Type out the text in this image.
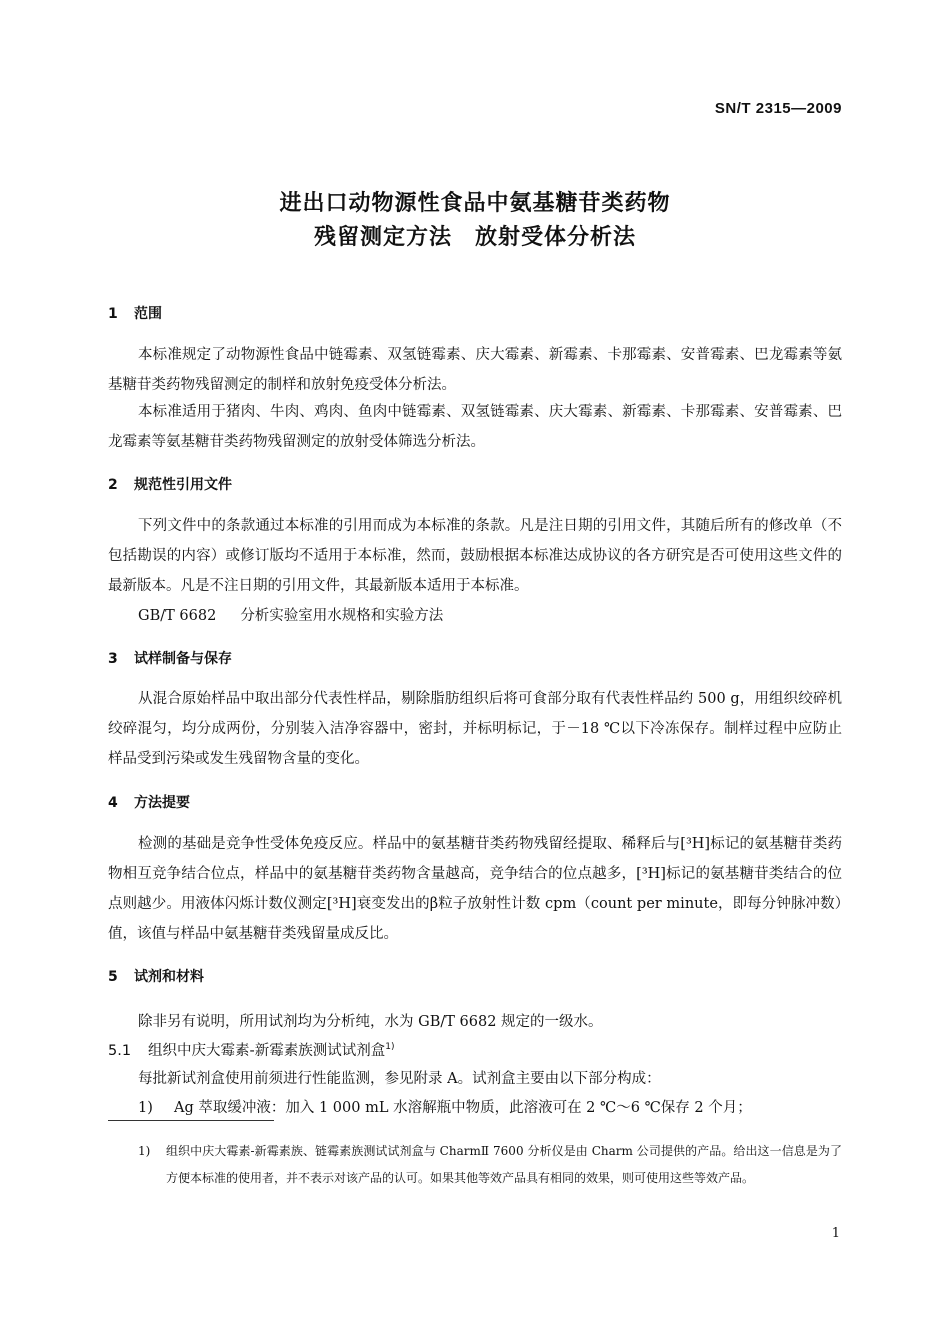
SN/T 2315—2009
进出口动物源性食品中氨基糖苷类药物
残留测定方法　放射受体分析法
1 范围
本标准规定了动物源性食品中链霉素、双氢链霉素、庆大霉素、新霉素、卡那霉素、安普霉素、巴龙霉素等氨基糖苷类药物残留测定的制样和放射免疫受体分析法。
本标准适用于猪肉、牛肉、鸡肉、鱼肉中链霉素、双氢链霉素、庆大霉素、新霉素、卡那霉素、安普霉素、巴龙霉素等氨基糖苷类药物残留测定的放射受体筛选分析法。
2 规范性引用文件
下列文件中的条款通过本标准的引用而成为本标准的条款。凡是注日期的引用文件，其随后所有的修改单（不包括勘误的内容）或修订版均不适用于本标准，然而，鼓励根据本标准达成协议的各方研究是否可使用这些文件的最新版本。凡是不注日期的引用文件，其最新版本适用于本标准。
GB/T 6682 分析实验室用水规格和实验方法
3 试样制备与保存
从混合原始样品中取出部分代表性样品，剔除脂肪组织后将可食部分取有代表性样品约 500 g，用组织绞碎机绞碎混匀，均分成两份，分别装入洁净容器中，密封，并标明标记，于－18 ℃以下冷冻保存。制样过程中应防止样品受到污染或发生残留物含量的变化。
4 方法提要
检测的基础是竞争性受体免疫反应。样品中的氨基糖苷类药物残留经提取、稀释后与[³H]标记的氨基糖苷类药物相互竞争结合位点，样品中的氨基糖苷类药物含量越高，竞争结合的位点越多，[³H]标记的氨基糖苷类结合的位点则越少。用液体闪烁计数仪测定[³H]衰变发出的β粒子放射性计数 cpm（count per minute，即每分钟脉冲数）值，该值与样品中氨基糖苷类残留量成反比。
5 试剂和材料
除非另有说明，所用试剂均为分析纯，水为 GB/T 6682 规定的一级水。
5.1 组织中庆大霉素-新霉素族测试试剂盒$^{1)}$
每批新试剂盒使用前须进行性能监测，参见附录 A。试剂盒主要由以下部分构成：
1) Ag 萃取缓冲液：加入 1 000 mL 水溶解瓶中物质，此溶液可在 2 ℃～6 ℃保存 2 个月；
1) 组织中庆大霉素-新霉素族、链霉素族测试试剂盒与 CharmⅡ 7600 分析仪是由 Charm 公司提供的产品。给出这一信息是为了方便本标准的使用者，并不表示对该产品的认可。如果其他等效产品具有相同的效果，则可使用这些等效产品。
1
